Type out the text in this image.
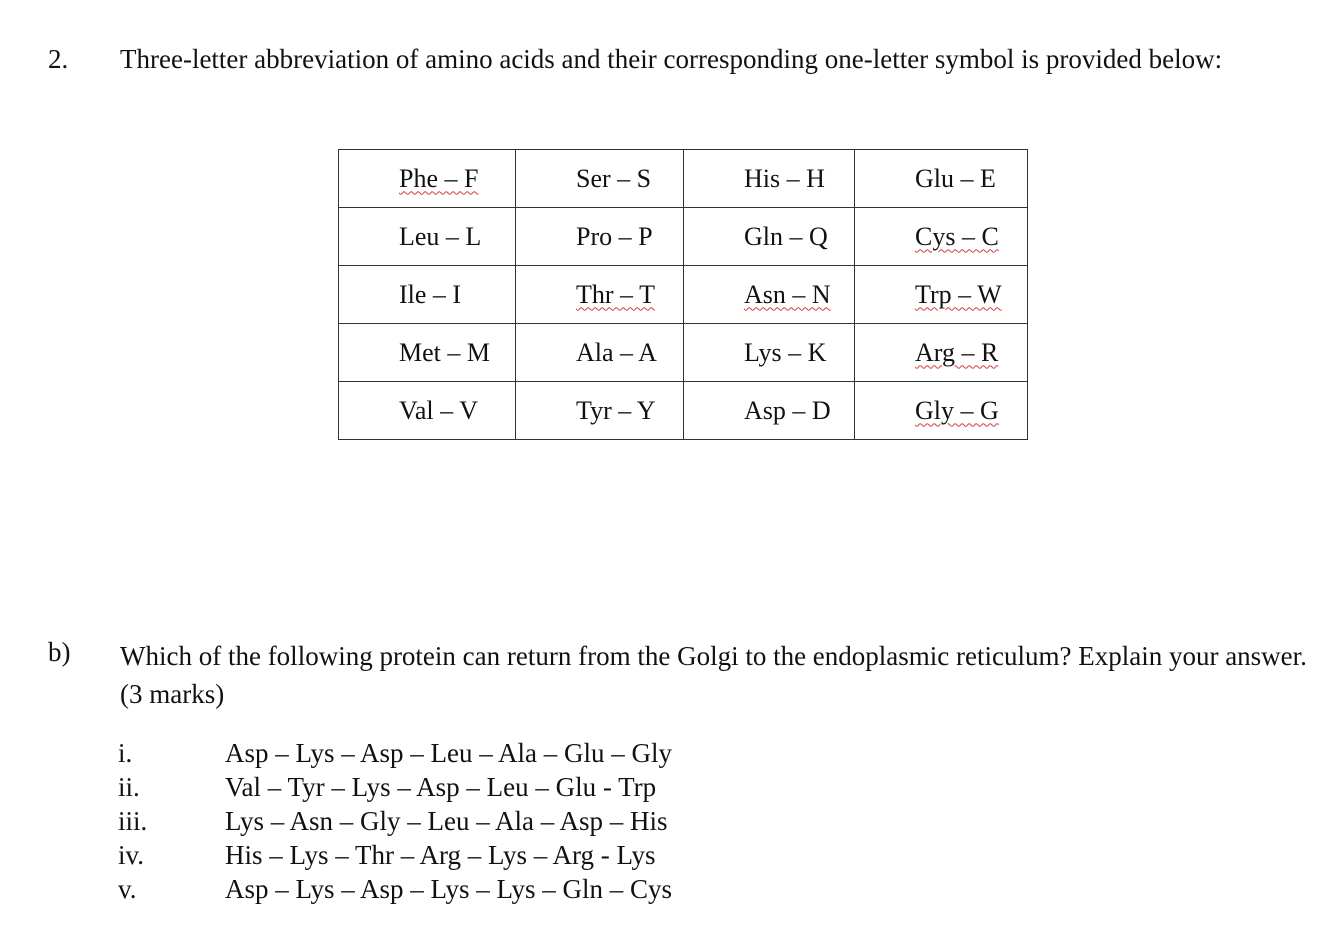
2. Three-letter abbreviation of amino acids and their corresponding one-letter symbol is provided below:
Phe – F	Ser – S	His – H	Glu – E
Leu – L	Pro – P	Gln – Q	Cys – C
Ile – I	Thr – T	Asn – N	Trp – W
Met – M	Ala – A	Lys – K	Arg – R
Val – V	Tyr – Y	Asp – D	Gly – G
b) Which of the following protein can return from the Golgi to the endoplasmic reticulum? Explain your answer. (3 marks)
i.	Asp – Lys – Asp – Leu – Ala – Glu – Gly
ii.	Val – Tyr – Lys – Asp – Leu – Glu - Trp
iii.	Lys – Asn – Gly – Leu – Ala – Asp – His
iv.	His – Lys – Thr – Arg – Lys – Arg - Lys
v.	Asp – Lys – Asp – Lys – Lys – Gln – Cys
